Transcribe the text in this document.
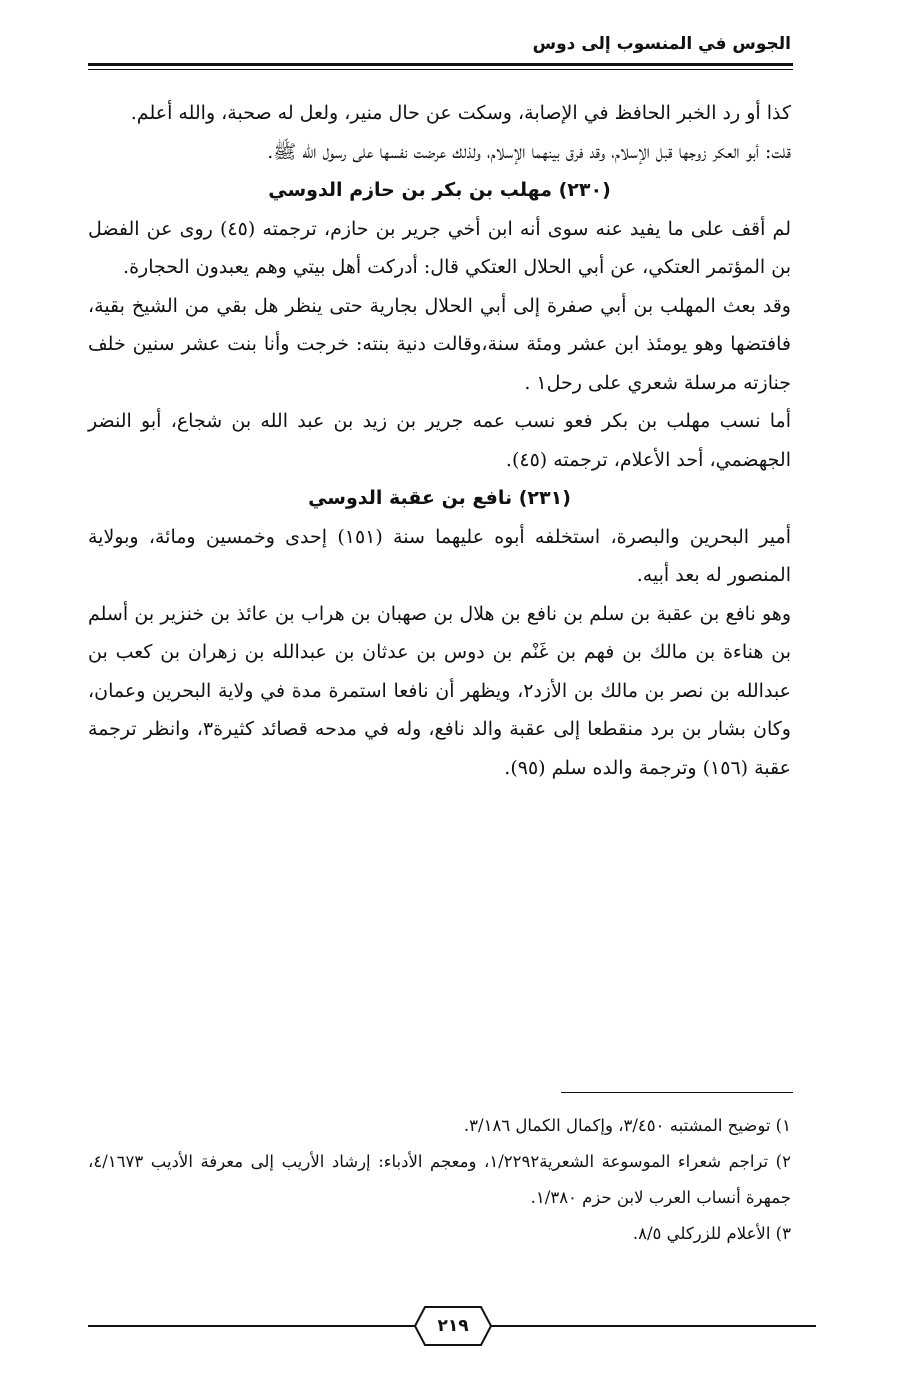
الجوس في المنسوب إلى دوس

كذا أو رد الخبر الحافظ في الإصابة، وسكت عن حال منير، ولعل له صحبة، والله أعلم.

قلت: أبو العكر زوجها قبل الإسلام، وقد فرق بينهما الإسلام، ولذلك عرضت نفسها على رسول الله ﷺ.

(٢٣٠) مهلب بن بكر بن حازم الدوسي

لم أقف على ما يفيد عنه سوى أنه ابن أخي جرير بن حازم، ترجمته (٤٥) روى عن الفضل بن المؤتمر العتكي، عن أبي الحلال العتكي قال: أدركت أهل بيتي وهم يعبدون الحجارة.

وقد بعث المهلب بن أبي صفرة إلى أبي الحلال بجارية حتى ينظر هل بقي من الشيخ بقية، فافتضها وهو يومئذ ابن عشر ومئة سنة،وقالت دنية بنته: خرجت وأنا بنت عشر سنين خلف جنازته مرسلة شعري على رحل١ .

أما نسب مهلب بن بكر فعو نسب عمه جرير بن زيد بن عبد الله بن شجاع، أبو النضر الجهضمي، أحد الأعلام، ترجمته (٤٥).

(٢٣١) نافع بن عقبة الدوسي

أمير البحرين والبصرة، استخلفه أبوه عليهما سنة (١٥١) إحدى وخمسين ومائة، وبولاية المنصور له بعد أبيه.

وهو نافع بن عقبة بن سلم بن نافع بن هلال بن صهبان بن هراب بن عائذ بن خنزير بن أسلم بن هناءة بن مالك بن فهم بن غَنْم بن دوس بن عدثان بن عبدالله بن زهران بن كعب بن عبدالله بن نصر بن مالك بن الأزد٢، ويظهر أن نافعا استمرة مدة في ولاية البحرين وعمان، وكان بشار بن برد منقطعا إلى عقبة والد نافع، وله في مدحه قصائد كثيرة٣، وانظر ترجمة عقبة (١٥٦) وترجمة والده سلم (٩٥).

١) توضيح المشتبه ٣/٤٥٠، وإكمال الكمال ٣/١٨٦.

٢) تراجم شعراء الموسوعة الشعرية١/٢٢٩٢، ومعجم الأدباء: إرشاد الأريب إلى معرفة الأديب ٤/١٦٧٣، جمهرة أنساب العرب لابن حزم ١/٣٨٠.

٣) الأعلام للزركلي ٨/٥.

٢١٩
